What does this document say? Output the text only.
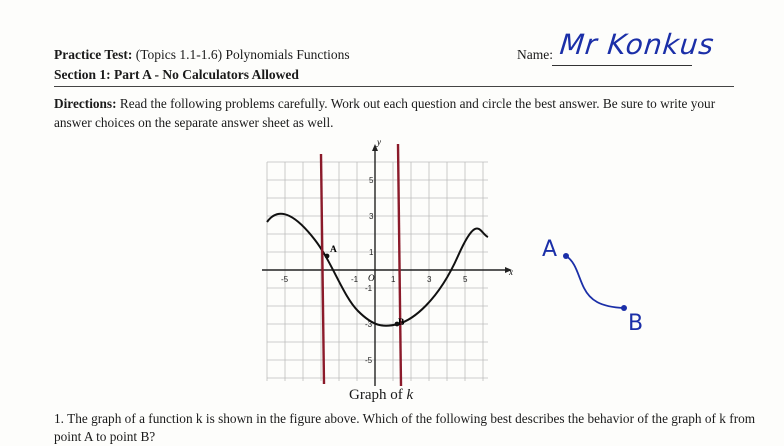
Practice Test: (Topics 1.1-1.6) Polynomials Functions	Name: Mr Konkus
Section 1: Part A - No Calculators Allowed
Directions: Read the following problems carefully. Work out each question and circle the best answer. Be sure to write your answer choices on the separate answer sheet as well.
x
y
O
-5	-1	1	3	5
5
3
1
-1
-3
-5
A
B
Graph of k
A
B
1. The graph of a function k is shown in the figure above. Which of the following best describes the behavior of the graph of k from point A to point B?
